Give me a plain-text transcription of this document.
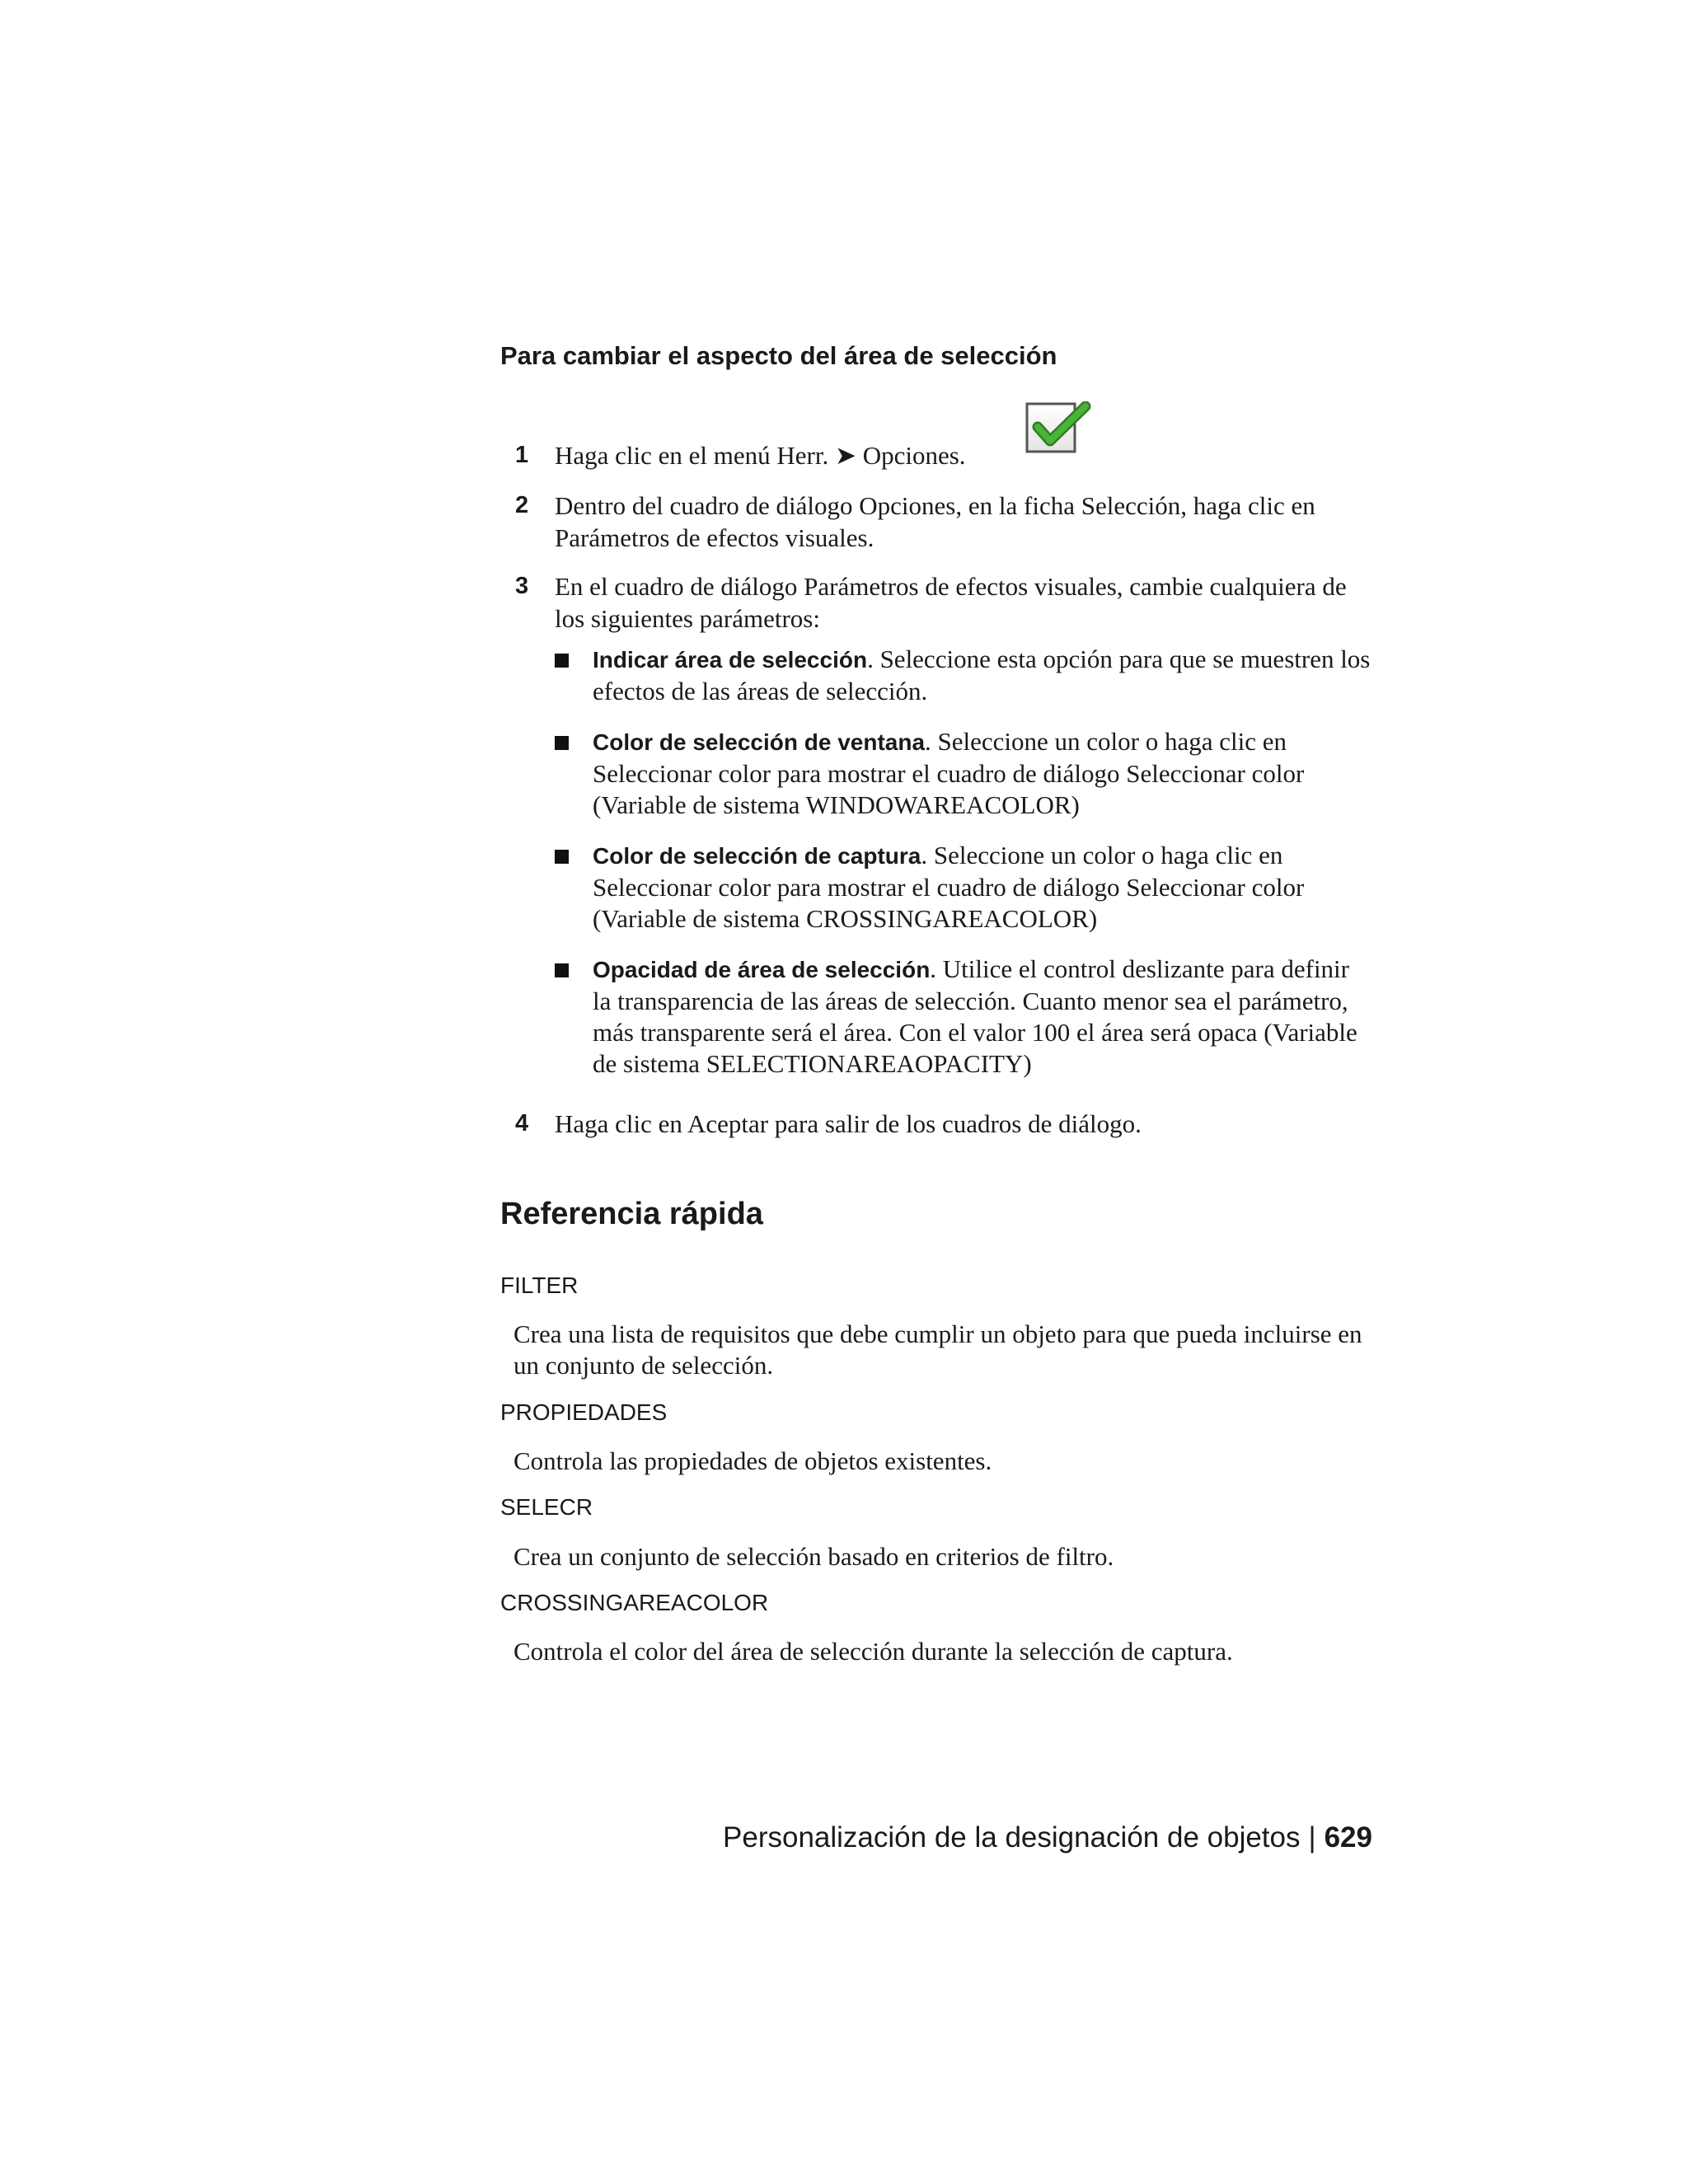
Para cambiar el aspecto del área de selección
1 Haga clic en el menú Herr. ➤ Opciones.
2 Dentro del cuadro de diálogo Opciones, en la ficha Selección, haga clic en Parámetros de efectos visuales.
3 En el cuadro de diálogo Parámetros de efectos visuales, cambie cualquiera de los siguientes parámetros:
Indicar área de selección. Seleccione esta opción para que se muestren los efectos de las áreas de selección.
Color de selección de ventana. Seleccione un color o haga clic en Seleccionar color para mostrar el cuadro de diálogo Seleccionar color (Variable de sistema WINDOWAREACOLOR)
Color de selección de captura. Seleccione un color o haga clic en Seleccionar color para mostrar el cuadro de diálogo Seleccionar color (Variable de sistema CROSSINGAREACOLOR)
Opacidad de área de selección. Utilice el control deslizante para definir la transparencia de las áreas de selección. Cuanto menor sea el parámetro, más transparente será el área. Con el valor 100 el área será opaca (Variable de sistema SELECTIONAREAOPACITY)
4 Haga clic en Aceptar para salir de los cuadros de diálogo.
Referencia rápida
FILTER
Crea una lista de requisitos que debe cumplir un objeto para que pueda incluirse en un conjunto de selección.
PROPIEDADES
Controla las propiedades de objetos existentes.
SELECR
Crea un conjunto de selección basado en criterios de filtro.
CROSSINGAREACOLOR
Controla el color del área de selección durante la selección de captura.
Personalización de la designación de objetos | 629
